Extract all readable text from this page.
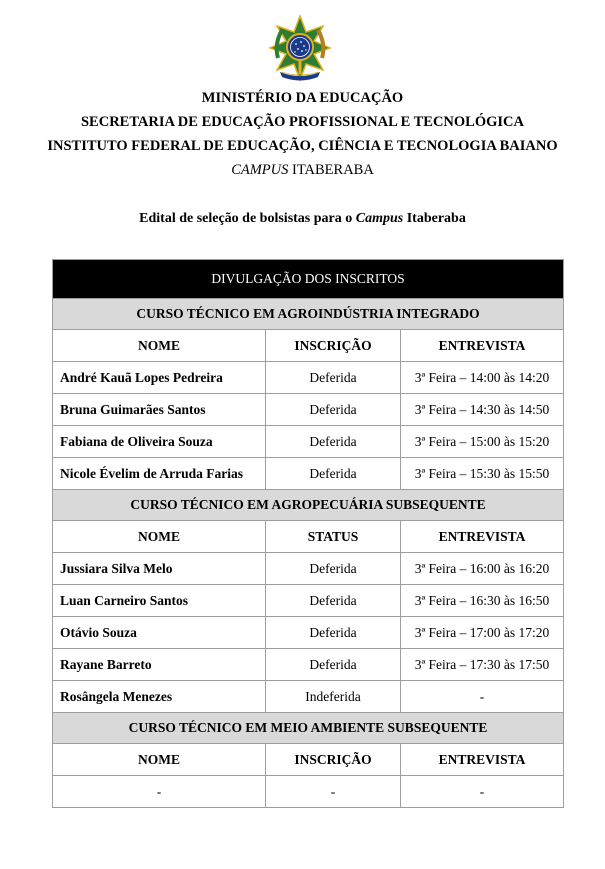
MINISTÉRIO DA EDUCAÇÃO
SECRETARIA DE EDUCAÇÃO PROFISSIONAL E TECNOLÓGICA
INSTITUTO FEDERAL DE EDUCAÇÃO, CIÊNCIA E TECNOLOGIA BAIANO
CAMPUS ITABERABA
Edital de seleção de bolsistas para o Campus Itaberaba
DIVULGAÇÃO DOS INSCRITOS		
CURSO TÉCNICO EM AGROINDÚSTRIA INTEGRADO		
NOME	INSCRIÇÃO	ENTREVISTA
André Kauã Lopes Pedreira	Deferida	3ª Feira – 14:00 às 14:20
Bruna Guimarães Santos	Deferida	3ª Feira – 14:30 às 14:50
Fabiana de Oliveira Souza	Deferida	3ª Feira – 15:00 às 15:20
Nicole Évelim de Arruda Farias	Deferida	3ª Feira – 15:30 às 15:50
CURSO TÉCNICO EM AGROPECUÁRIA SUBSEQUENTE		
NOME	STATUS	ENTREVISTA
Jussiara Silva Melo	Deferida	3ª Feira – 16:00 às 16:20
Luan Carneiro Santos	Deferida	3ª Feira – 16:30 às 16:50
Otávio Souza	Deferida	3ª Feira – 17:00 às 17:20
Rayane Barreto	Deferida	3ª Feira – 17:30 às 17:50
Rosângela Menezes	Indeferida	-
CURSO TÉCNICO EM MEIO AMBIENTE SUBSEQUENTE		
NOME	INSCRIÇÃO	ENTREVISTA
-	-	-
